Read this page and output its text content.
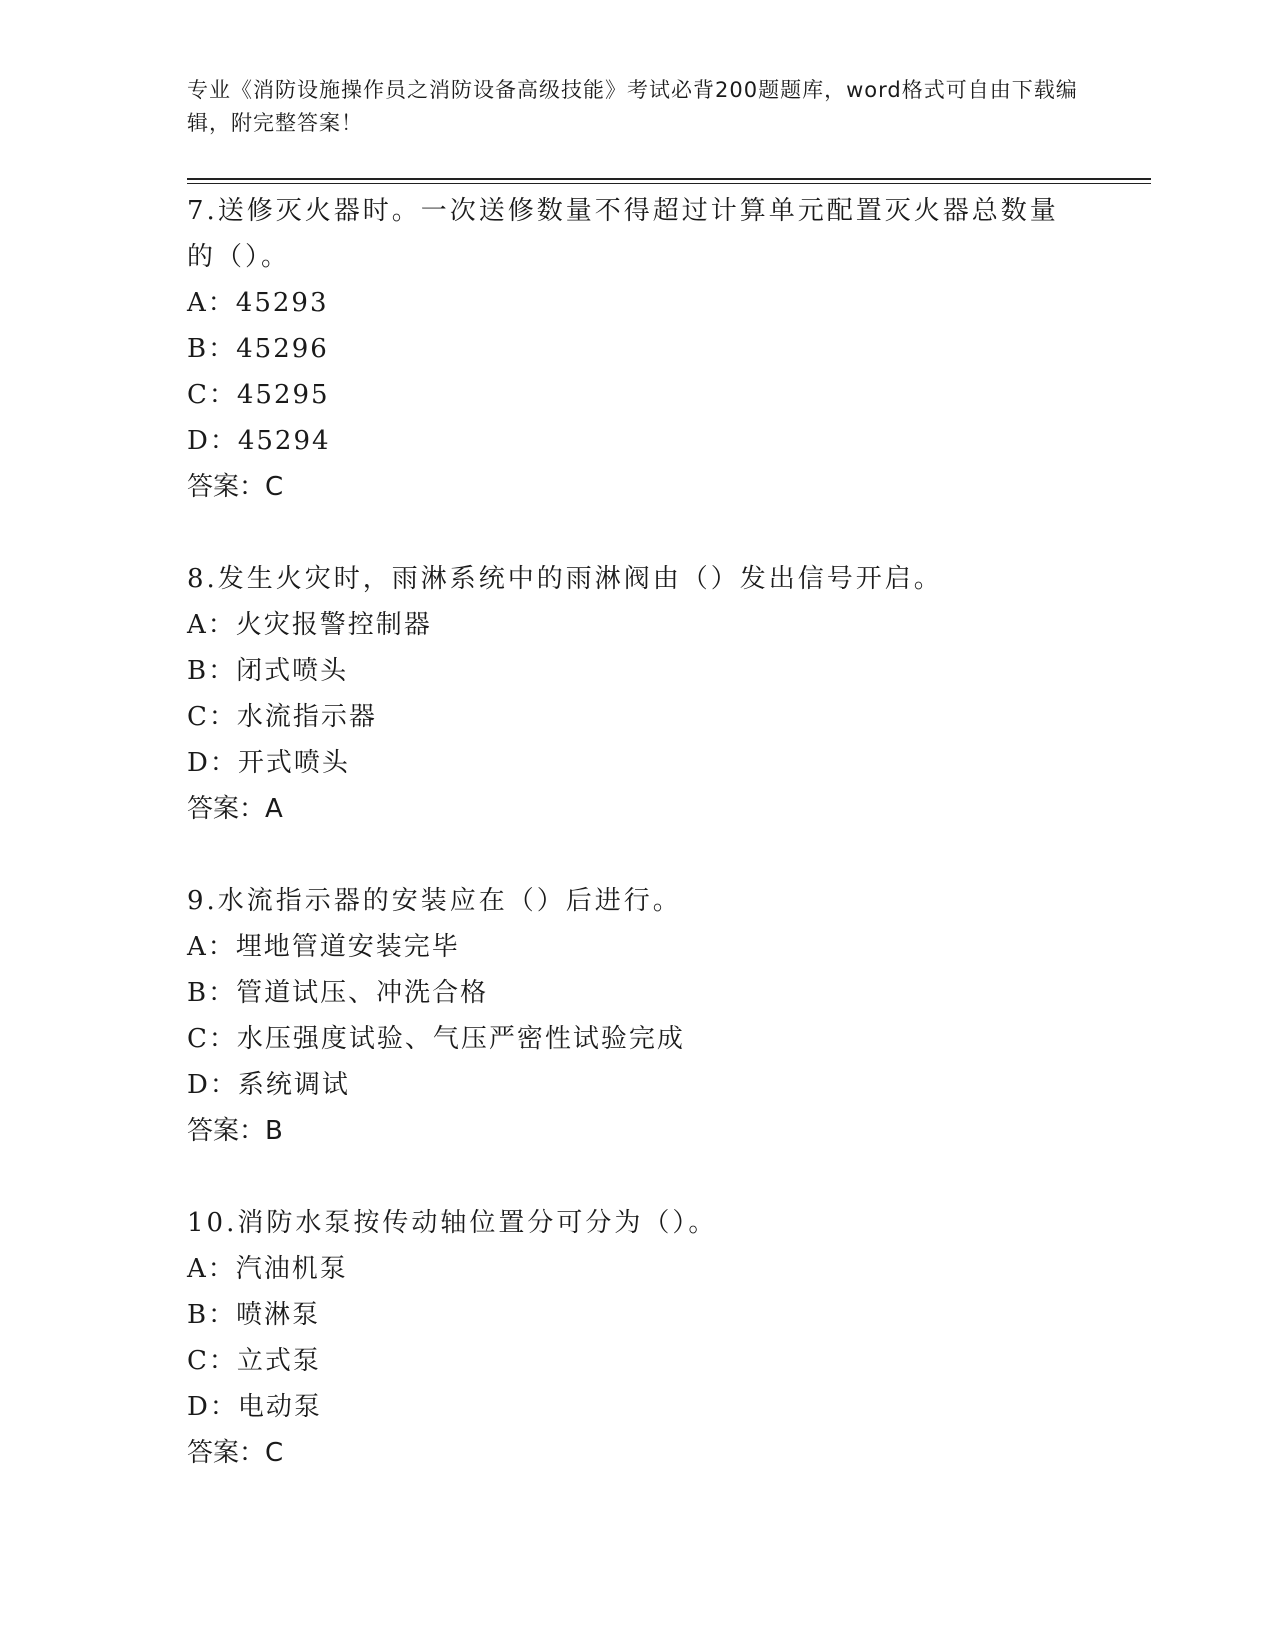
专业《消防设施操作员之消防设备高级技能》考试必背200题题库，word格式可自由下载编辑，附完整答案！
7.送修灭火器时。一次送修数量不得超过计算单元配置灭火器总数量的（）。
A：45293
B：45296
C：45295
D：45294
答案：C
8.发生火灾时，雨淋系统中的雨淋阀由（）发出信号开启。
A：火灾报警控制器
B：闭式喷头
C：水流指示器
D：开式喷头
答案：A
9.水流指示器的安装应在（）后进行。
A：埋地管道安装完毕
B：管道试压、冲洗合格
C：水压强度试验、气压严密性试验完成
D：系统调试
答案：B
10.消防水泵按传动轴位置分可分为（）。
A：汽油机泵
B：喷淋泵
C：立式泵
D：电动泵
答案：C
